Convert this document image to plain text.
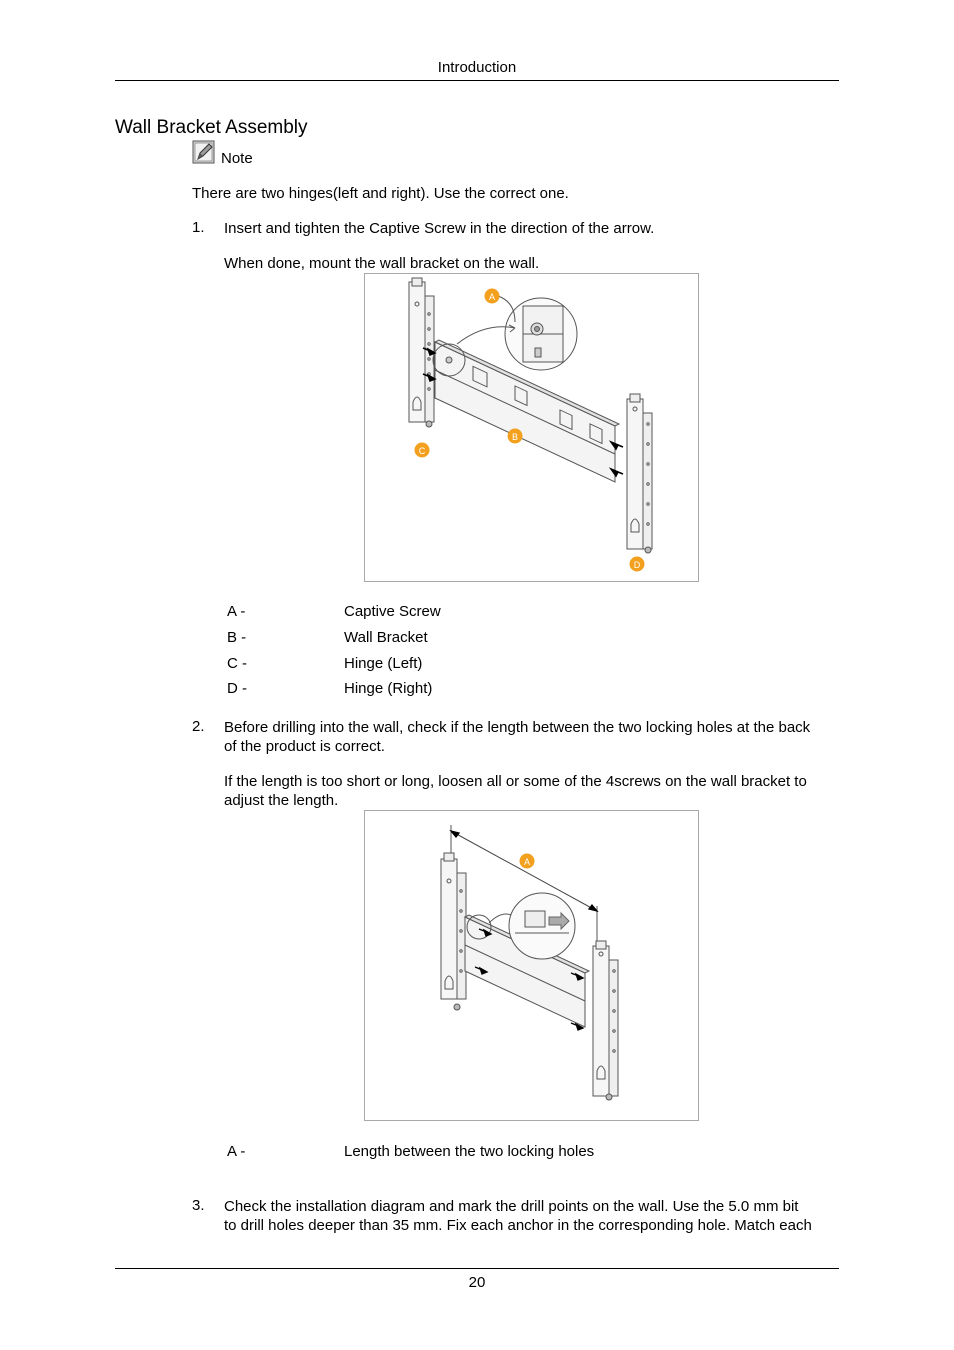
Introduction
Wall Bracket Assembly
Note
There are two hinges(left and right). Use the correct one.
1. Insert and tighten the Captive Screw in the direction of the arrow.
When done, mount the wall bracket on the wall.
A
B
C
D
A -	Captive Screw
B -	Wall Bracket
C -	Hinge (Left)
D -	Hinge (Right)
2. Before drilling into the wall, check if the length between the two locking holes at the back
of the product is correct.
If the length is too short or long, loosen all or some of the 4screws on the wall bracket to
adjust the length.
A
A -	Length between the two locking holes
3. Check the installation diagram and mark the drill points on the wall. Use the 5.0 mm bit
to drill holes deeper than 35 mm. Fix each anchor in the corresponding hole. Match each
20
